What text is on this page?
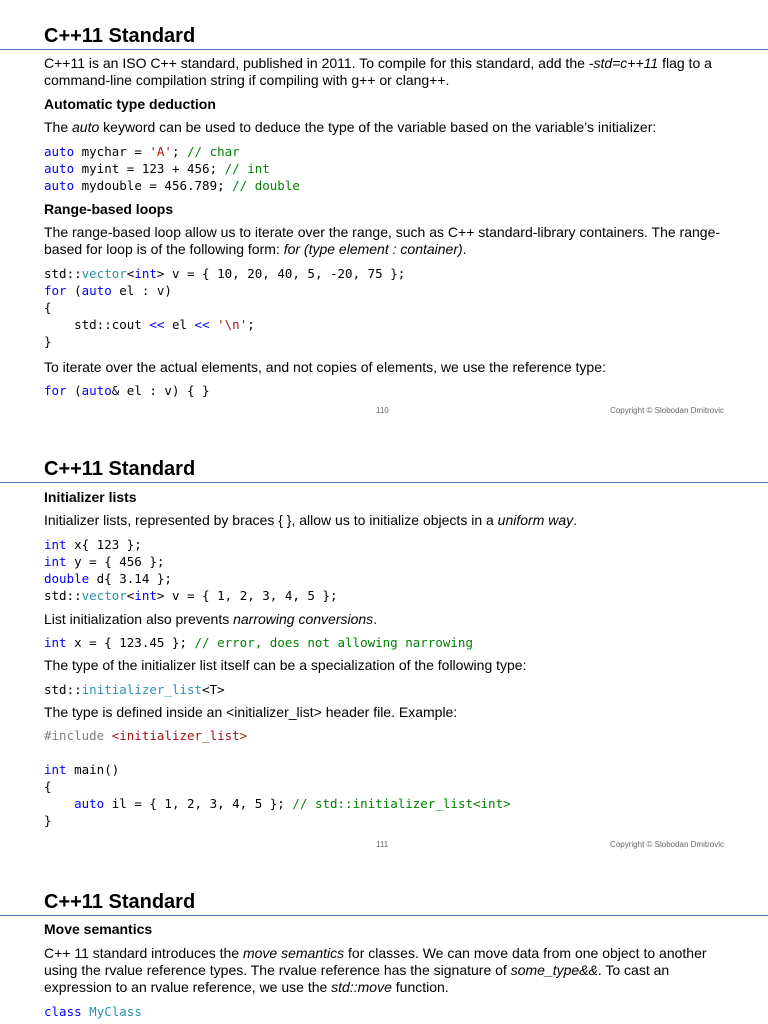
C++11 Standard

C++11 is an ISO C++ standard, published in 2011. To compile for this standard, add the -std=c++11 flag to a command-line compilation string if compiling with g++ or clang++.

Automatic type deduction

The auto keyword can be used to deduce the type of the variable based on the variable’s initializer:

auto mychar = 'A'; // char
auto myint = 123 + 456; // int
auto mydouble = 456.789; // double

Range-based loops

The range-based loop allow us to iterate over the range, such as C++ standard-library containers. The range-based for loop is of the following form: for (type element : container).

std::vector<int> v = { 10, 20, 40, 5, -20, 75 };
for (auto el : v)
{
std::cout << el << '\n';
}

To iterate over the actual elements, and not copies of elements, we use the reference type:

for (auto& el : v) { }
110	Copyright © Slobodan Dmitrovic
C++11 Standard

Initializer lists

Initializer lists, represented by braces { }, allow us to initialize objects in a uniform way.

int x{ 123 };
int y = { 456 };
double d{ 3.14 };
std::vector<int> v = { 1, 2, 3, 4, 5 };

List initialization also prevents narrowing conversions.

int x = { 123.45 }; // error, does not allowing narrowing

The type of the initializer list itself can be a specialization of the following type:

std::initializer_list<T>

The type is defined inside an <initializer_list> header file. Example:

#include <initializer_list>

int main()
{
auto il = { 1, 2, 3, 4, 5 }; // std::initializer_list<int>
}
111	Copyright © Slobodan Dmitrovic
C++11 Standard

Move semantics

C++ 11 standard introduces the move semantics for classes. We can move data from one object to another using the rvalue reference types. The rvalue reference has the signature of some_type&&. To cast an expression to an rvalue reference, we use the std::move function.

class MyClass
